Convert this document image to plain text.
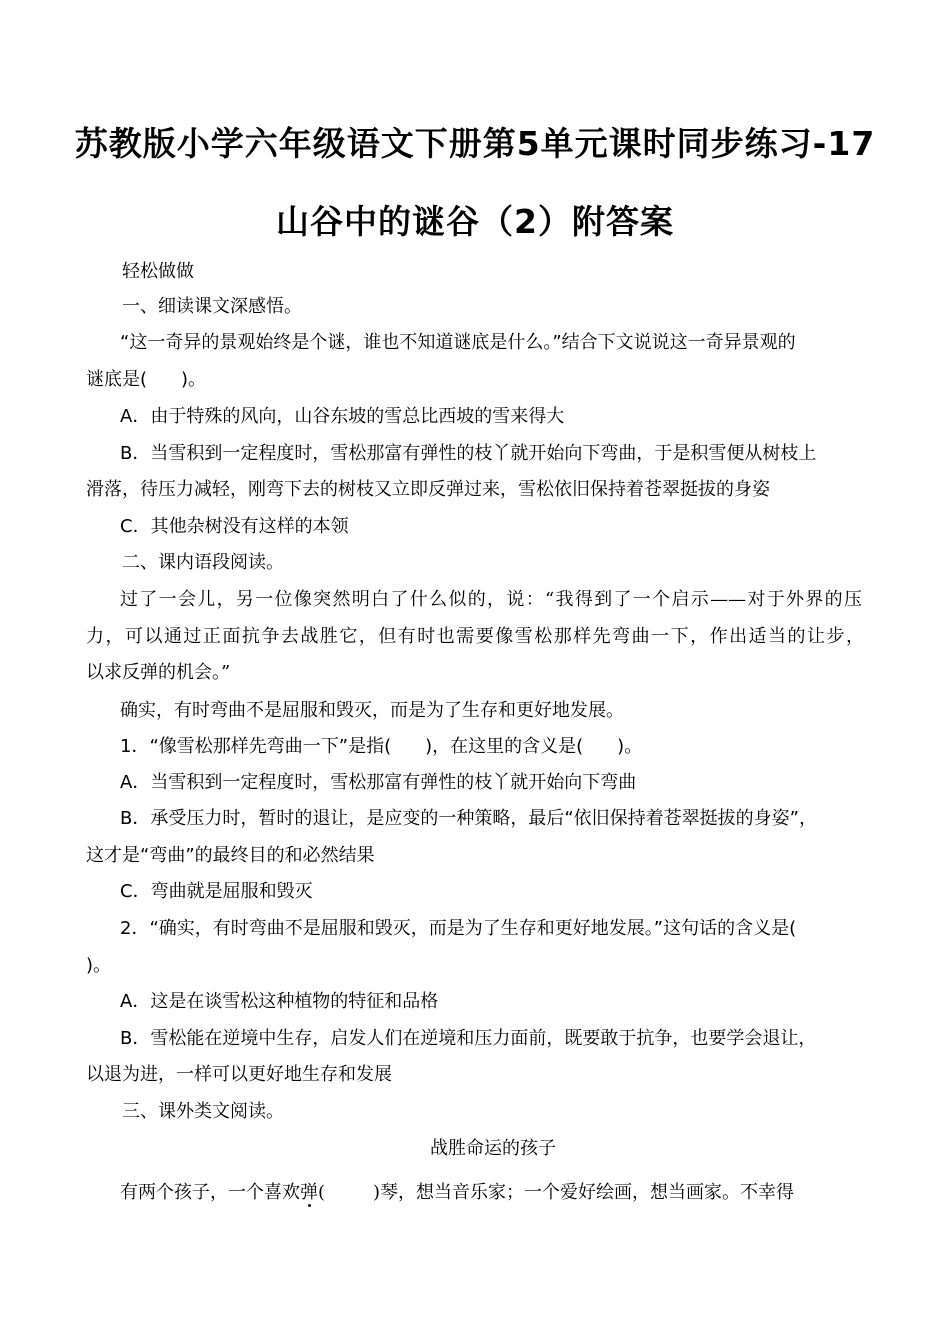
苏教版小学六年级语文下册第5单元课时同步练习-17
山谷中的谜谷（2）附答案
轻松做做
一、细读课文深感悟。
“这一奇异的景观始终是个谜，谁也不知道谜底是什么。”结合下文说说这一奇异景观的
谜底是( )。
A．由于特殊的风向，山谷东坡的雪总比西坡的雪来得大
B．当雪积到一定程度时，雪松那富有弹性的枝丫就开始向下弯曲，于是积雪便从树枝上
滑落，待压力减轻，刚弯下去的树枝又立即反弹过来，雪松依旧保持着苍翠挺拔的身姿
C．其他杂树没有这样的本领
二、课内语段阅读。
过了一会儿，另一位像突然明白了什么似的，说：“我得到了一个启示——对于外界的压
力，可以通过正面抗争去战胜它，但有时也需要像雪松那样先弯曲一下，作出适当的让步，
以求反弹的机会。”
确实，有时弯曲不是屈服和毁灭，而是为了生存和更好地发展。
1．“像雪松那样先弯曲一下”是指( )，在这里的含义是( )。
A．当雪积到一定程度时，雪松那富有弹性的枝丫就开始向下弯曲
B．承受压力时，暂时的退让，是应变的一种策略，最后“依旧保持着苍翠挺拔的身姿”，
这才是“弯曲”的最终目的和必然结果
C．弯曲就是屈服和毁灭
2．“确实，有时弯曲不是屈服和毁灭，而是为了生存和更好地发展。”这句话的含义是(
)。
A．这是在谈雪松这种植物的特征和品格
B．雪松能在逆境中生存，启发人们在逆境和压力面前，既要敢于抗争，也要学会退让，
以退为进，一样可以更好地生存和发展
三、课外类文阅读。
战胜命运的孩子
有两个孩子，一个喜欢弹(	)琴，想当音乐家；一个爱好绘画，想当画家。不幸得
